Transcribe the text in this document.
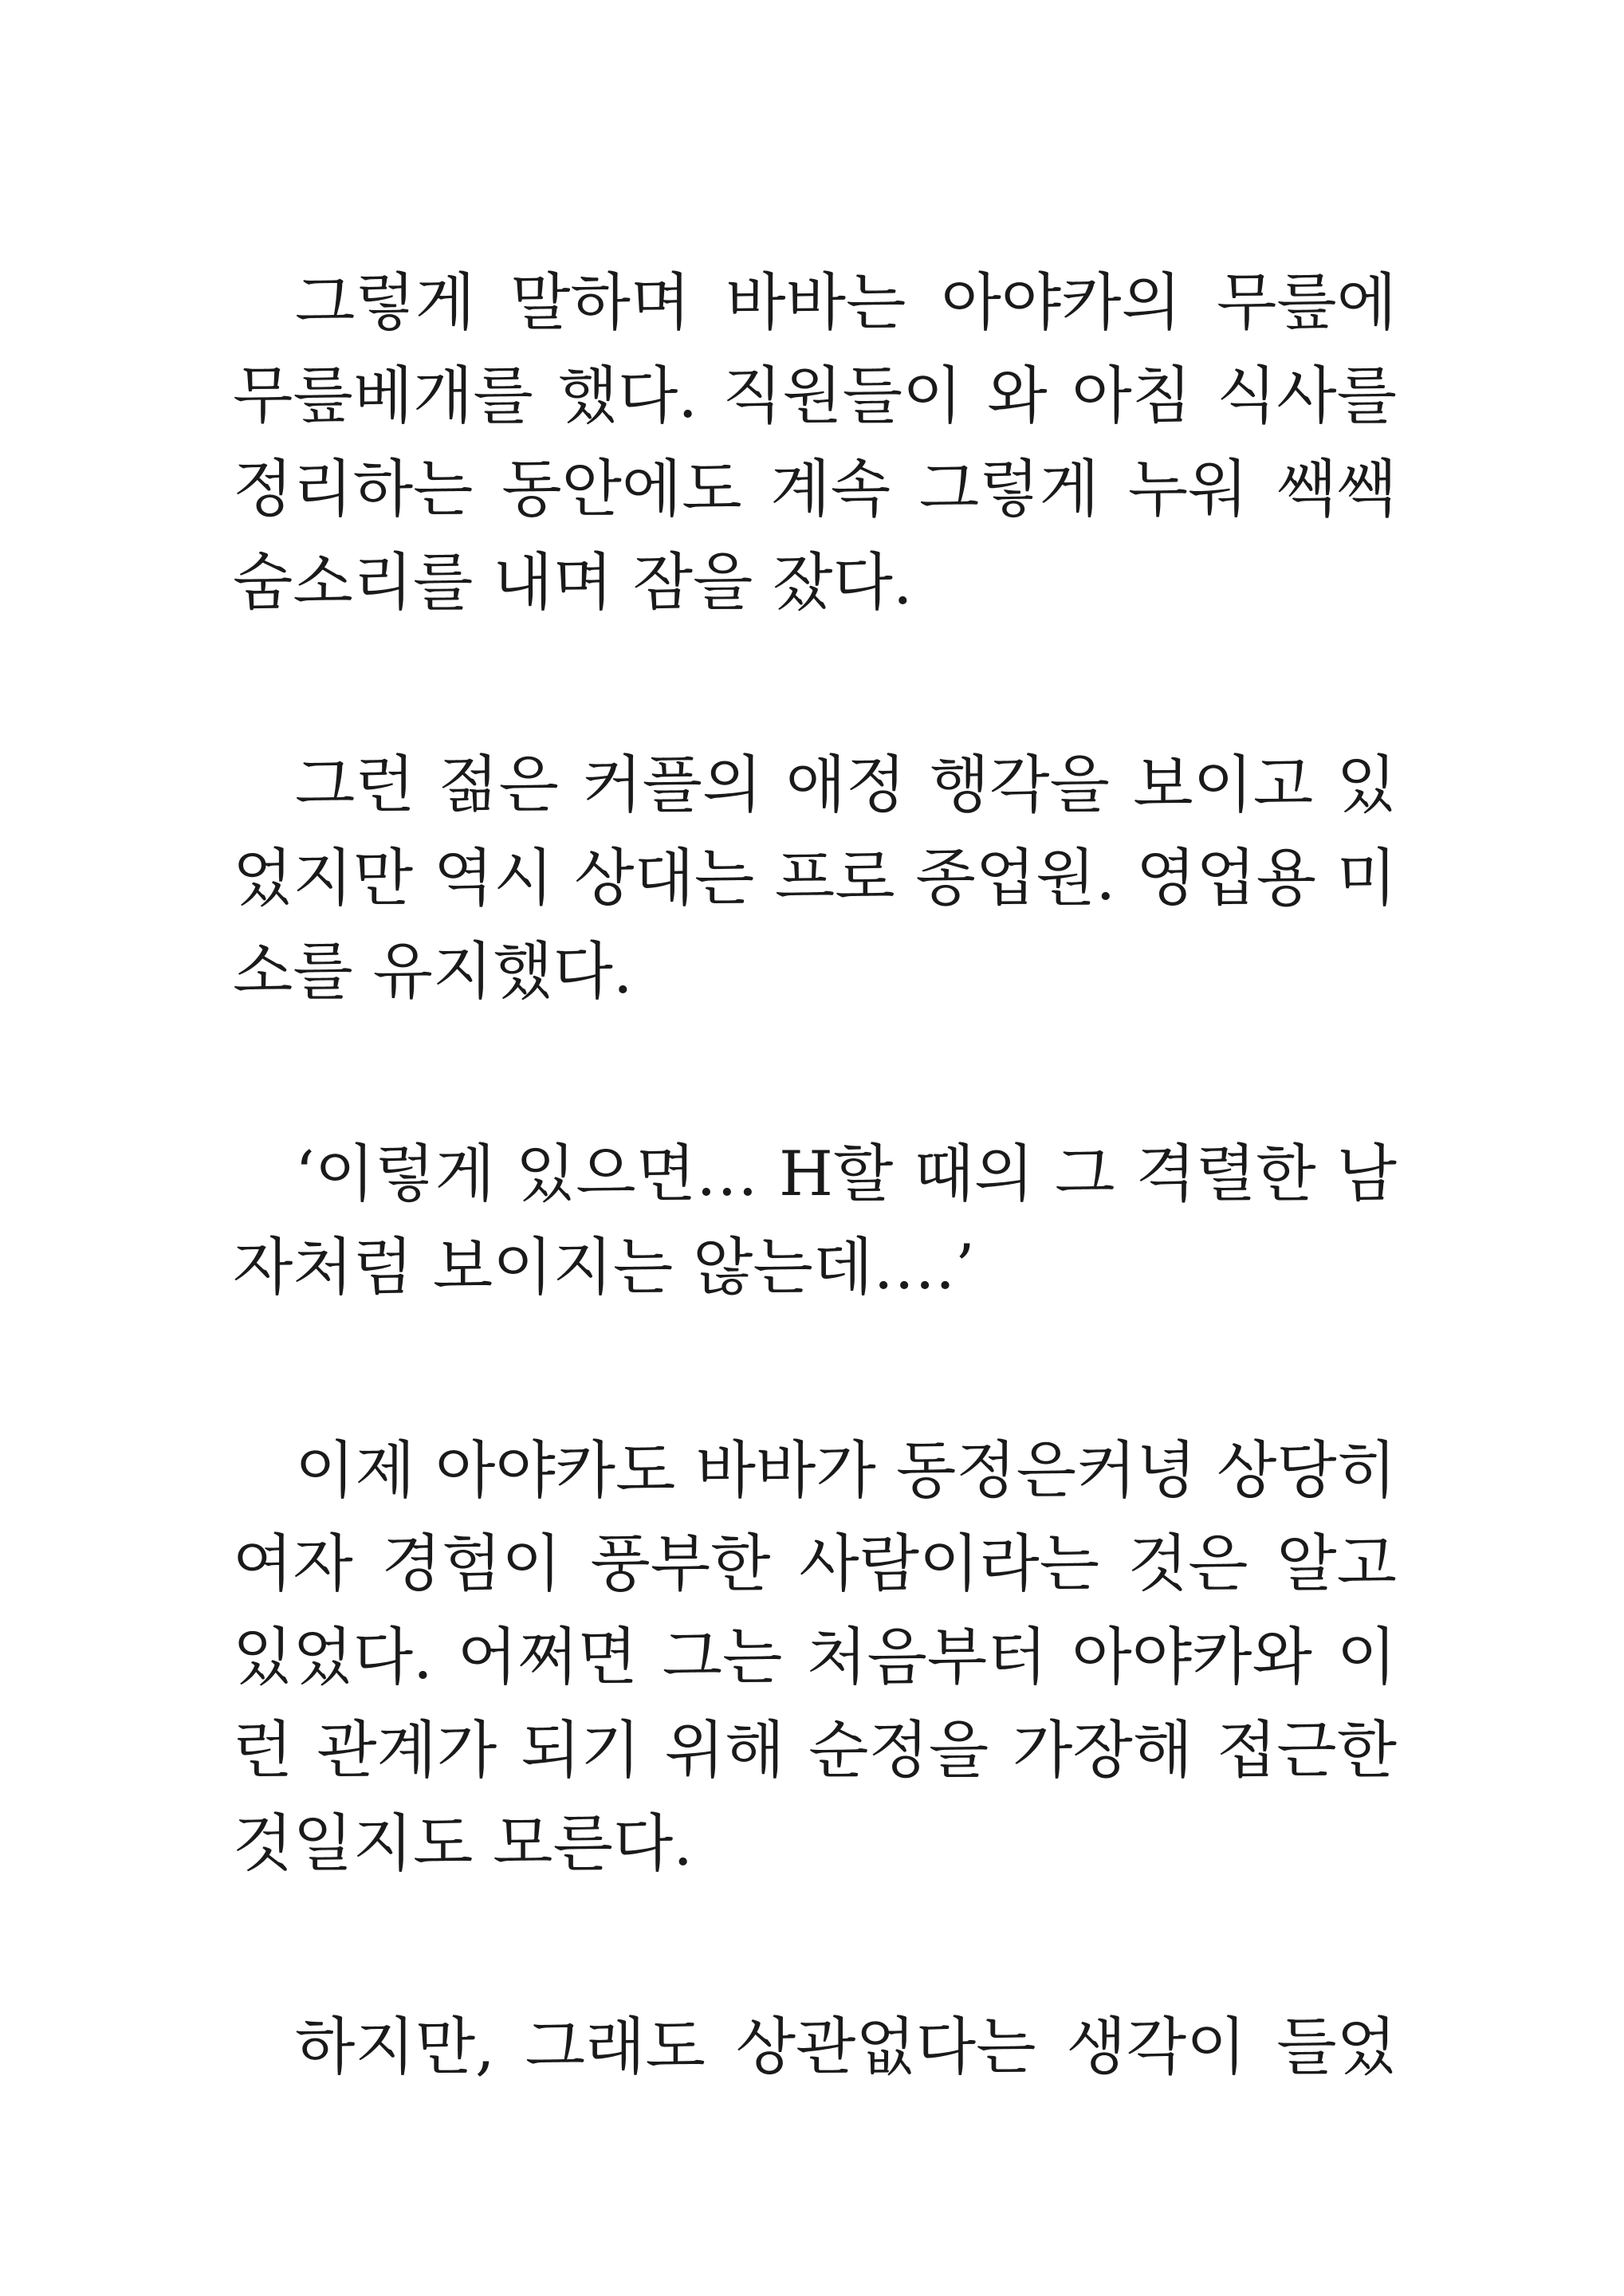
그렇게 말하며 바바는 아야카의 무릎에
무릎베개를 했다. 직원들이 와 아침 식사를
정리하는 동안에도 계속 그렇게 누워 쌕쌕
숨소리를 내며 잠을 잤다.
그런 젊은 커플의 애정 행각을 보이고 있
었지만 역시 상대는 프로 종업원. 영업용 미
소를 유지했다.
‘이렇게 있으면… H할 때의 그 격렬한 남
자처럼 보이지는 않는데….’
이제 아야카도 바바가 동정은커녕 상당히
여자 경험이 풍부한 사람이라는 것은 알고
있었다. 어쩌면 그는 처음부터 아야카와 이
런 관계가 되기 위해 순정을 가장해 접근한
것일지도 모른다.
하지만, 그래도 상관없다는 생각이 들었
